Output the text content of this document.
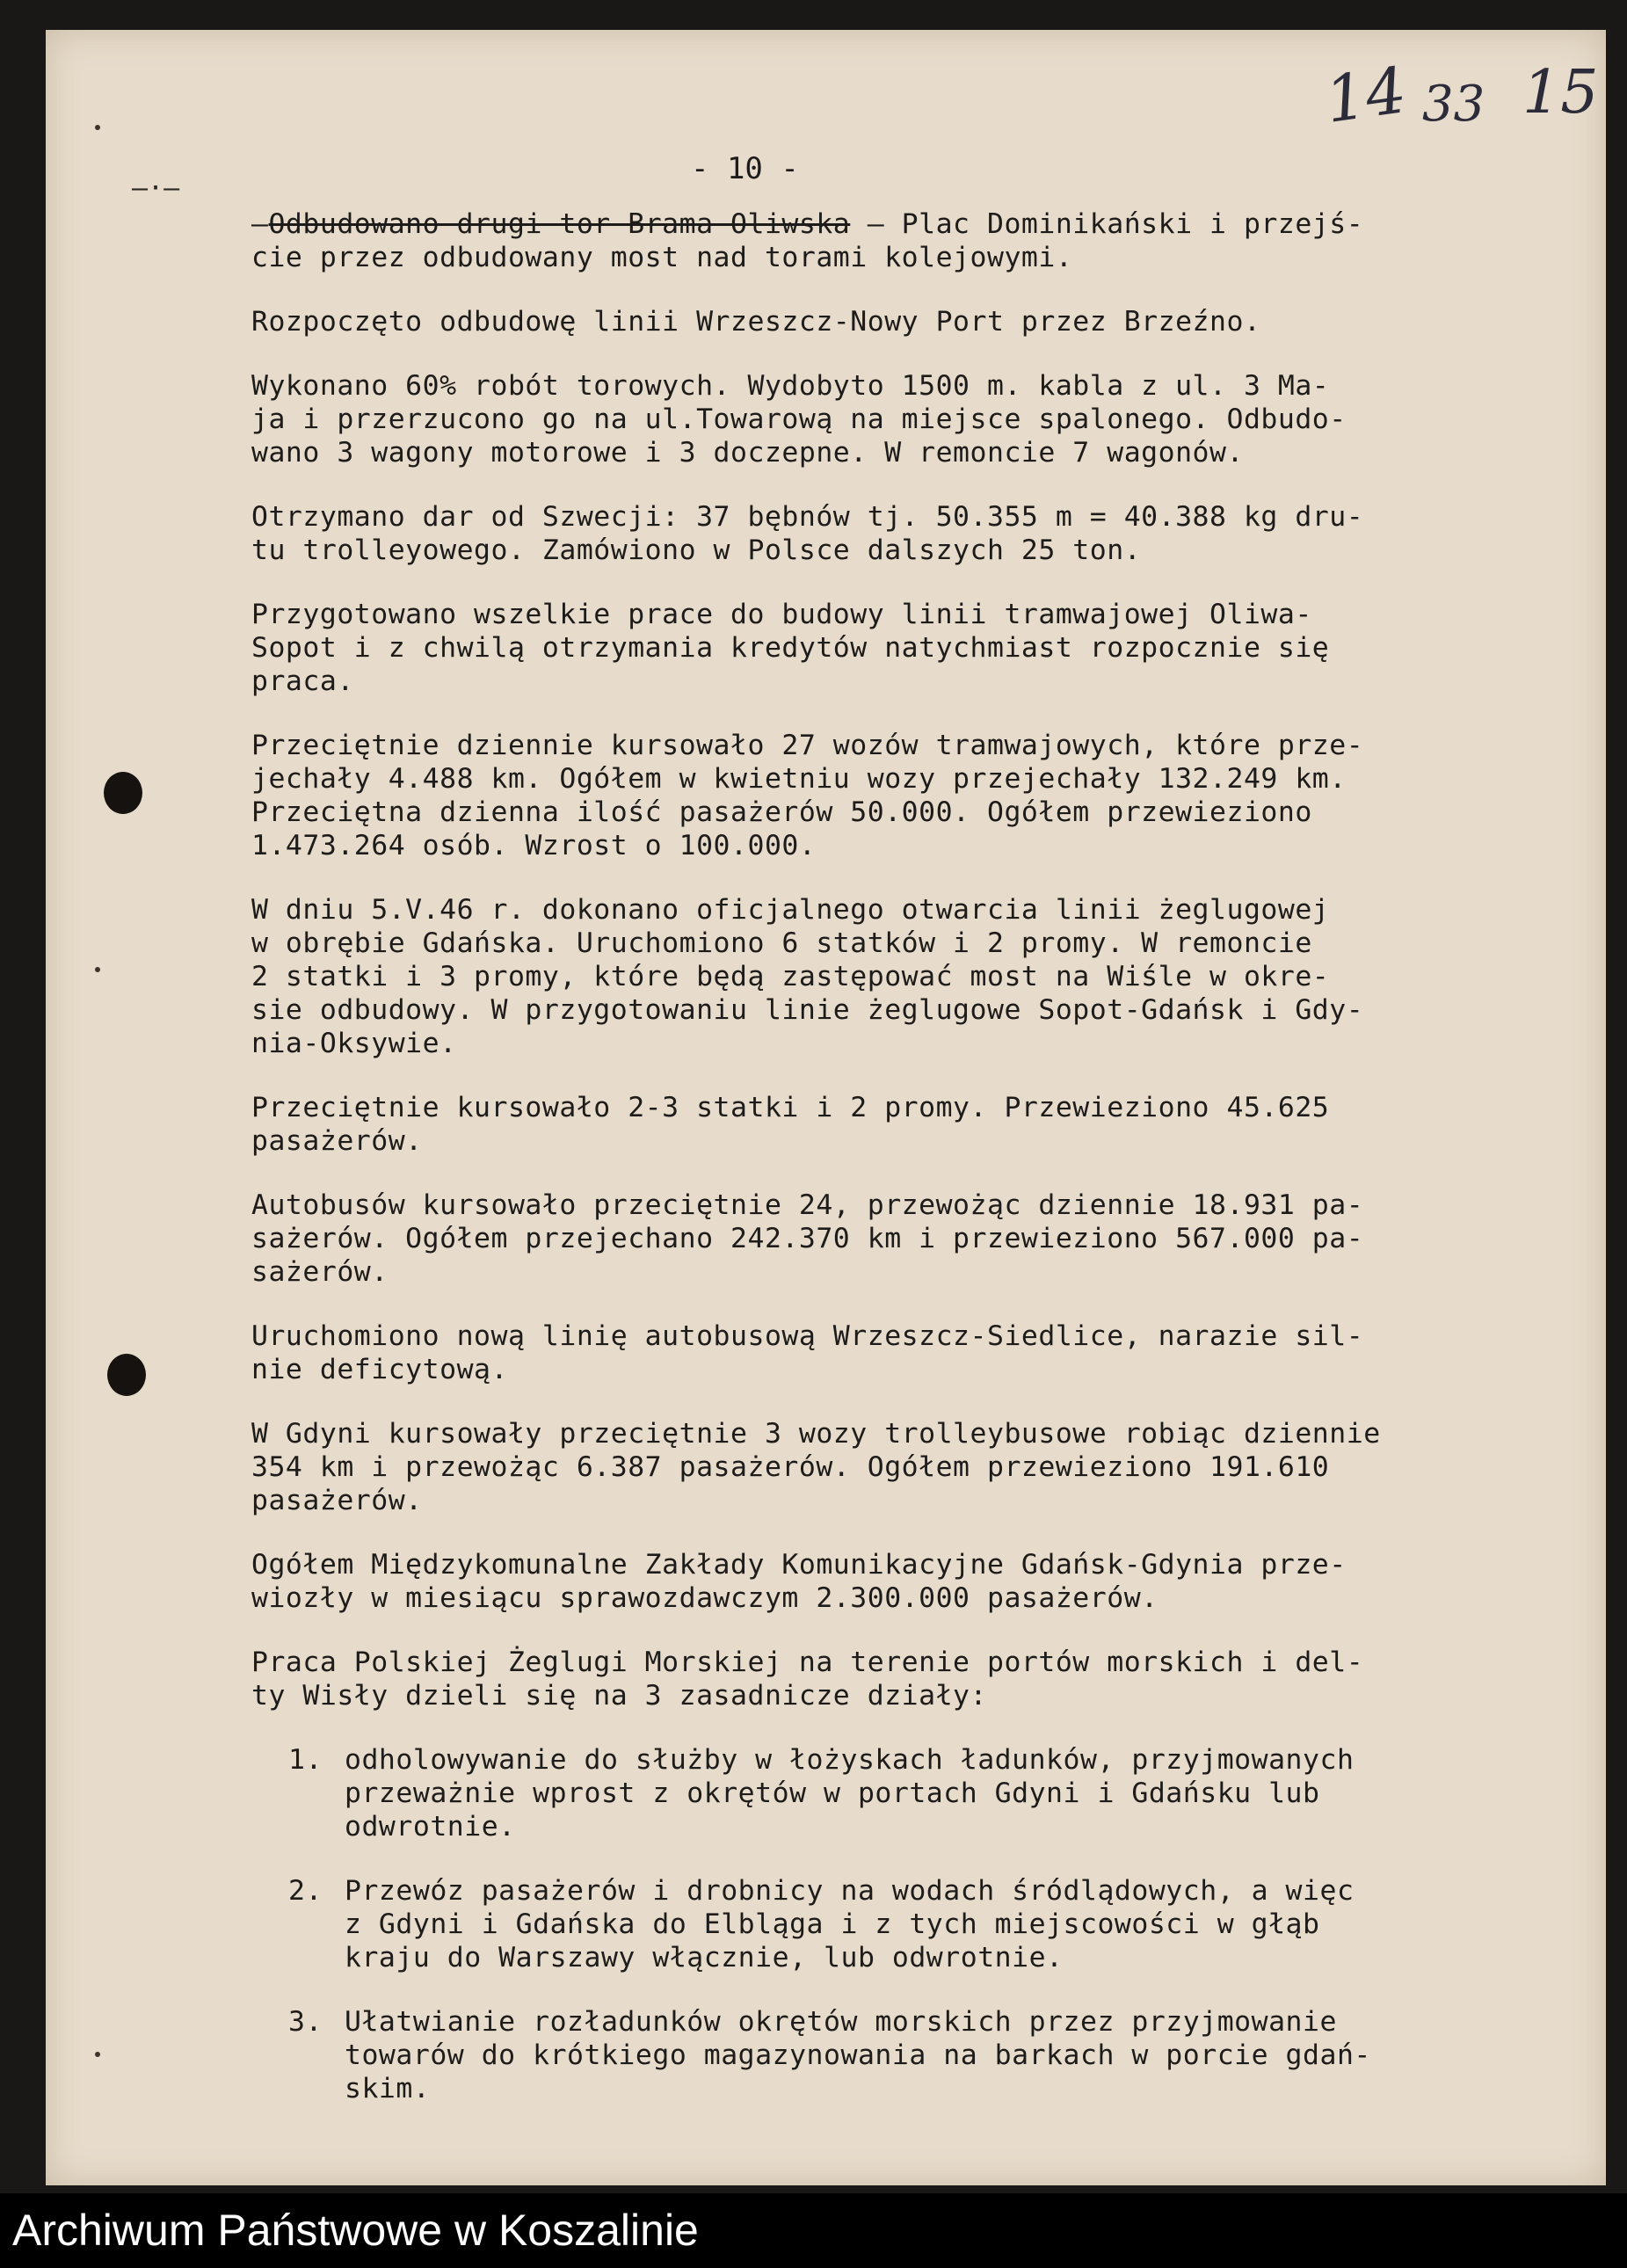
—·—
14 33 15
- 10 -
–Odbudowano drugi tor Brama Oliwska – Plac Dominikański i przejś-
cie przez odbudowany most nad torami kolejowymi.
Rozpoczęto odbudowę linii Wrzeszcz-Nowy Port przez Brzeźno.
Wykonano 60% robót torowych. Wydobyto 1500 m. kabla z ul. 3 Ma-
ja i przerzucono go na ul.Towarową na miejsce spalonego. Odbudo-
wano 3 wagony motorowe i 3 doczepne. W remoncie 7 wagonów.
Otrzymano dar od Szwecji: 37 bębnów tj. 50.355 m = 40.388 kg dru-
tu trolleyowego. Zamówiono w Polsce dalszych 25 ton.
Przygotowano wszelkie prace do budowy linii tramwajowej Oliwa-
Sopot i z chwilą otrzymania kredytów natychmiast rozpocznie się
praca.
Przeciętnie dziennie kursowało 27 wozów tramwajowych, które prze-
jechały 4.488 km. Ogółem w kwietniu wozy przejechały 132.249 km.
Przeciętna dzienna ilość pasażerów 50.000. Ogółem przewieziono
1.473.264 osób. Wzrost o 100.000.
W dniu 5.V.46 r. dokonano oficjalnego otwarcia linii żeglugowej
w obrębie Gdańska. Uruchomiono 6 statków i 2 promy. W remoncie
2 statki i 3 promy, które będą zastępować most na Wiśle w okre-
sie odbudowy. W przygotowaniu linie żeglugowe Sopot-Gdańsk i Gdy-
nia-Oksywie.
Przeciętnie kursowało 2-3 statki i 2 promy. Przewieziono 45.625
pasażerów.
Autobusów kursowało przeciętnie 24, przewożąc dziennie 18.931 pa-
sażerów. Ogółem przejechano 242.370 km i przewieziono 567.000 pa-
sażerów.
Uruchomiono nową linię autobusową Wrzeszcz-Siedlice, narazie sil-
nie deficytową.
W Gdyni kursowały przeciętnie 3 wozy trolleybusowe robiąc dziennie
354 km i przewożąc 6.387 pasażerów. Ogółem przewieziono 191.610
pasażerów.
Ogółem Międzykomunalne Zakłady Komunikacyjne Gdańsk-Gdynia prze-
wiozły w miesiącu sprawozdawczym 2.300.000 pasażerów.
Praca Polskiej Żeglugi Morskiej na terenie portów morskich i del-
ty Wisły dzieli się na 3 zasadnicze działy:
1. odholowywanie do służby w łożyskach ładunków, przyjmowanych
przeważnie wprost z okrętów w portach Gdyni i Gdańsku lub
odwrotnie.
2. Przewóz pasażerów i drobnicy na wodach śródlądowych, a więc
z Gdyni i Gdańska do Elbląga i z tych miejscowości w głąb
kraju do Warszawy włącznie, lub odwrotnie.
3. Ułatwianie rozładunków okrętów morskich przez przyjmowanie
towarów do krótkiego magazynowania na barkach w porcie gdań-
skim.
Archiwum Państwowe w Koszalinie
